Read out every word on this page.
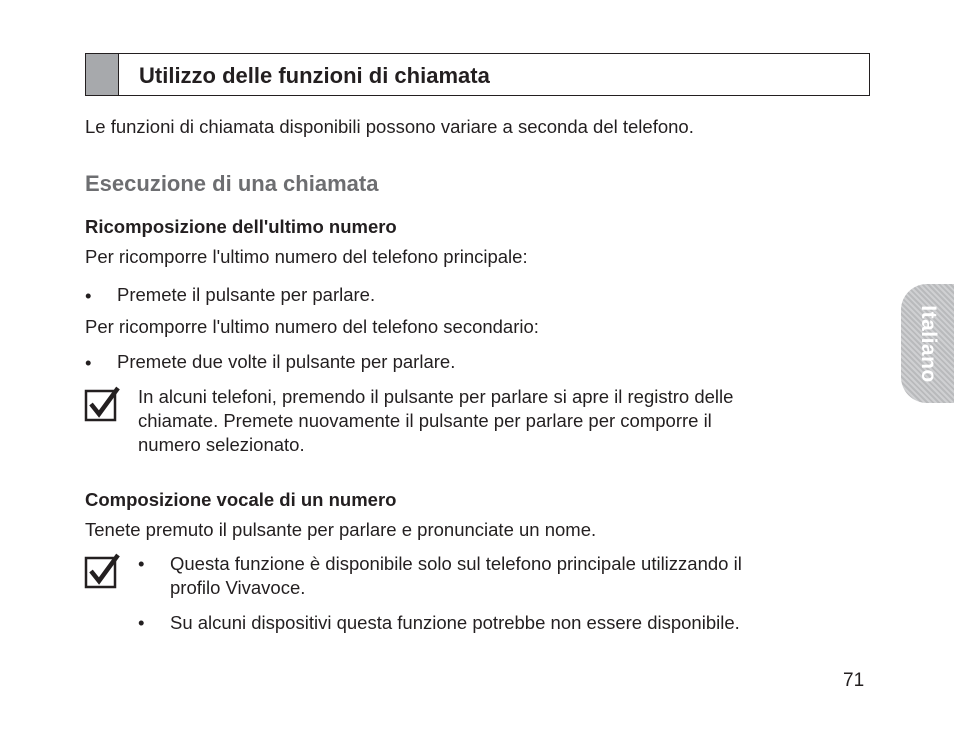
Utilizzo delle funzioni di chiamata
Le funzioni di chiamata disponibili possono variare a seconda del telefono.
Esecuzione di una chiamata
Ricomposizione dell'ultimo numero
Per ricomporre l'ultimo numero del telefono principale:
• Premete il pulsante per parlare.
Per ricomporre l'ultimo numero del telefono secondario:
• Premete due volte il pulsante per parlare.
In alcuni telefoni, premendo il pulsante per parlare si apre il registro delle
chiamate. Premete nuovamente il pulsante per parlare per comporre il
numero selezionato.
Composizione vocale di un numero
Tenete premuto il pulsante per parlare e pronunciate un nome.
• Questa funzione è disponibile solo sul telefono principale utilizzando il
profilo Vivavoce.
• Su alcuni dispositivi questa funzione potrebbe non essere disponibile.
Italiano
71
